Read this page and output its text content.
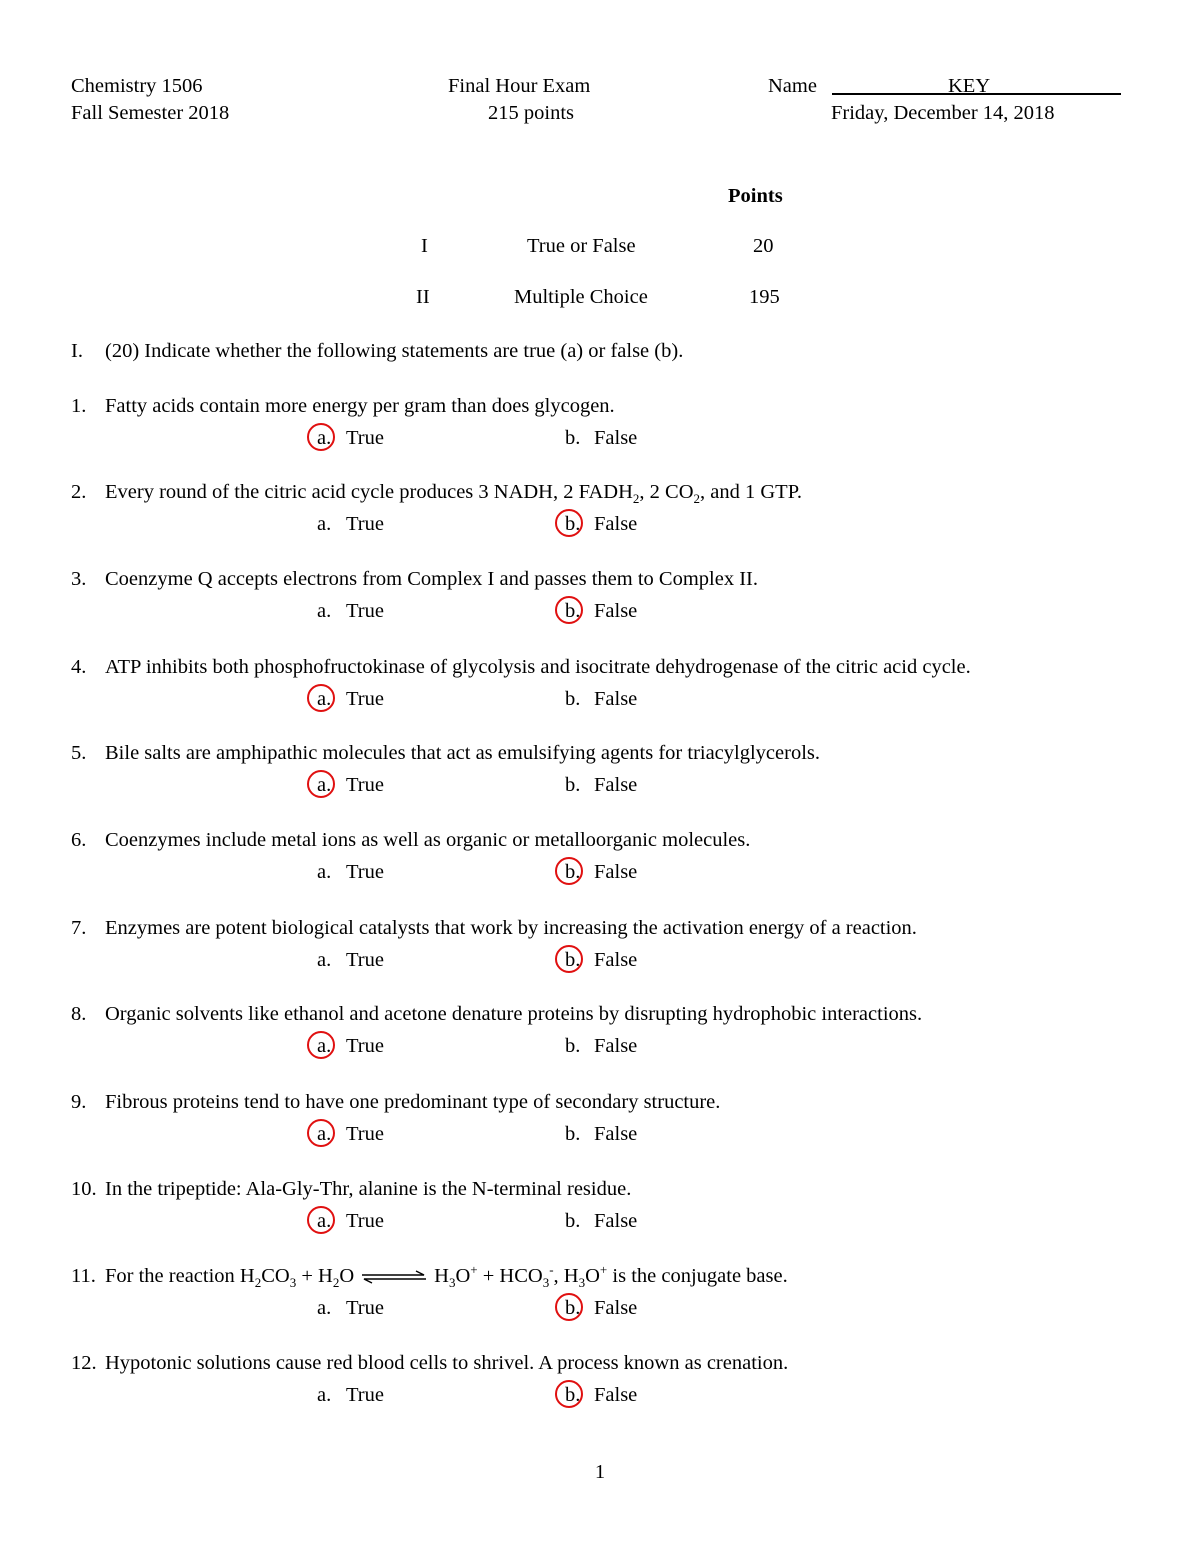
Chemistry 1506
Fall Semester 2018
Final Hour Exam
215 points
Name	KEY
Friday, December 14, 2018
Points
I	True or False	20
II	Multiple Choice	195
I. (20) Indicate whether the following statements are true (a) or false (b).
1. Fatty acids contain more energy per gram than does glycogen.
a. True	b. False
2. Every round of the citric acid cycle produces 3 NADH, 2 $FADH_2$, 2 $CO_2$, and 1 GTP.
a. True	b. False
3. Coenzyme Q accepts electrons from Complex I and passes them to Complex II.
a. True	b. False
4. ATP inhibits both phosphofructokinase of glycolysis and isocitrate dehydrogenase of the citric acid cycle.
a. True	b. False
5. Bile salts are amphipathic molecules that act as emulsifying agents for triacylglycerols.
a. True	b. False
6. Coenzymes include metal ions as well as organic or metalloorganic molecules.
a. True	b. False
7. Enzymes are potent biological catalysts that work by increasing the activation energy of a reaction.
a. True	b. False
8. Organic solvents like ethanol and acetone denature proteins by disrupting hydrophobic interactions.
a. True	b. False
9. Fibrous proteins tend to have one predominant type of secondary structure.
a. True	b. False
10. In the tripeptide: Ala-Gly-Thr, alanine is the N-terminal residue.
a. True	b. False
11. For the reaction $H_2CO_3 + H_2O$ ⇌ $H_3O^+ + HCO_3^-$, $H_3O^+$ is the conjugate base.
a. True	b. False
12. Hypotonic solutions cause red blood cells to shrivel. A process known as crenation.
a. True	b. False
1
